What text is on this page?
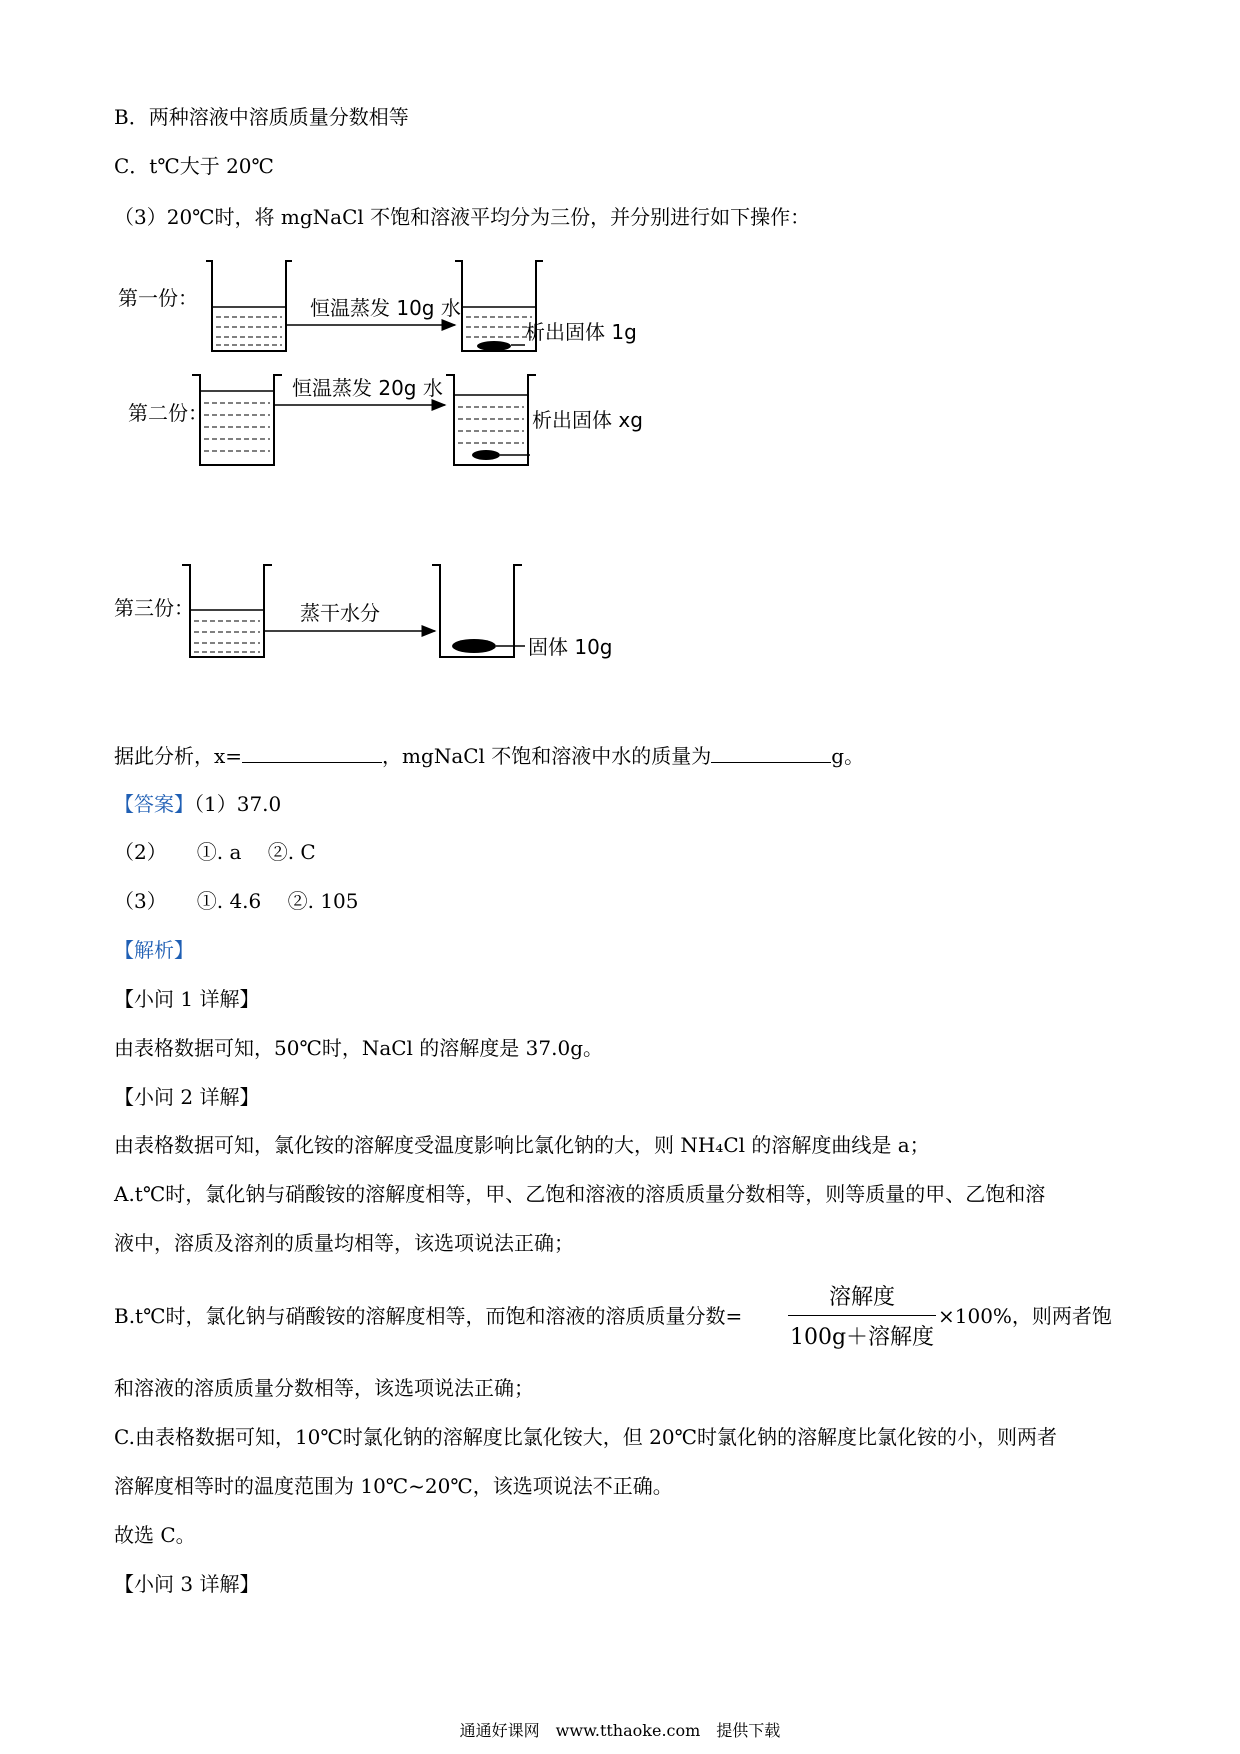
B．两种溶液中溶质质量分数相等
C．t℃大于 20℃
（3）20℃时，将 mgNaCl 不饱和溶液平均分为三份，并分别进行如下操作：
第一份：	恒温蒸发 10g 水
析出固体 1g
第二份：
恒温蒸发 20g 水
析出固体 xg
第三份：	蒸干水分
固体 10g
据此分析，x=	，mgNaCl 不饱和溶液中水的质量为	g。
【答案】（1）37.0
（2）　　①. a　 ②. C
（3）　　①. 4.6　 ②. 105
【解析】
【小问 1 详解】
由表格数据可知，50℃时，NaCl 的溶解度是 37.0g。
【小问 2 详解】
由表格数据可知，氯化铵的溶解度受温度影响比氯化钠的大，则 NH₄Cl 的溶解度曲线是 a；
A.t℃时，氯化钠与硝酸铵的溶解度相等，甲、乙饱和溶液的溶质质量分数相等，则等质量的甲、乙饱和溶
液中，溶质及溶剂的质量均相等，该选项说法正确；
B.t℃时，氯化钠与硝酸铵的溶解度相等，而饱和溶液的溶质质量分数=
溶解度
100g＋溶解度
×100%，则两者饱
和溶液的溶质质量分数相等，该选项说法正确；
C.由表格数据可知，10℃时氯化钠的溶解度比氯化铵大，但 20℃时氯化钠的溶解度比氯化铵的小，则两者
溶解度相等时的温度范围为 10℃~20℃，该选项说法不正确。
故选 C。
【小问 3 详解】
通通好课网　www.tthaoke.com　提供下载
